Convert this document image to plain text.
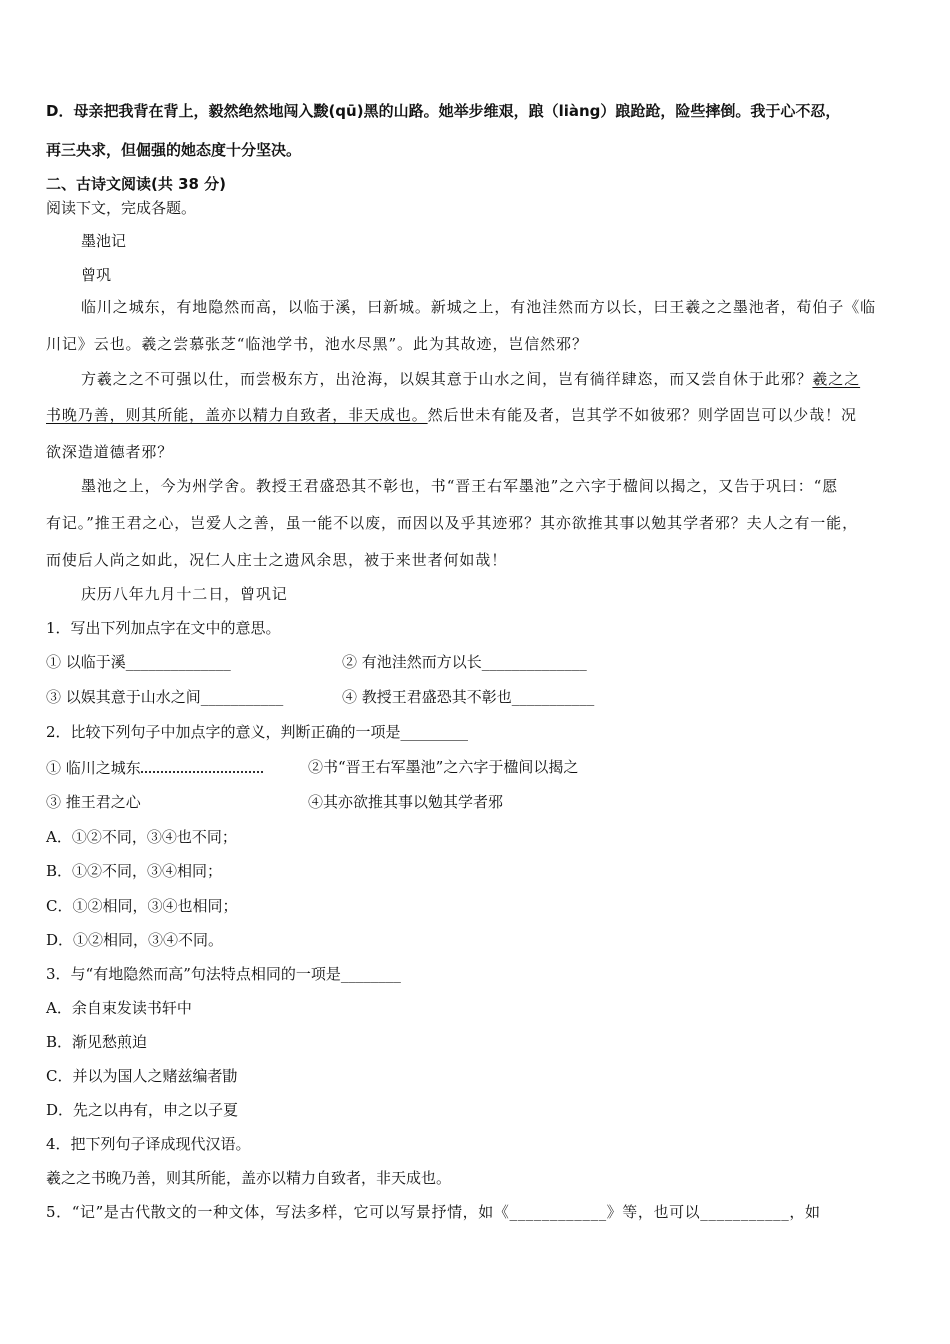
D．母亲把我背在背上，毅然绝然地闯入黢(qū)黑的山路。她举步维艰，踉（liàng）踉跄跄，险些摔倒。我于心不忍，
再三央求，但倔强的她态度十分坚决。
二、古诗文阅读(共 38 分)
阅读下文，完成各题。
墨池记
曾巩
临川之城东，有地隐然而高，以临于溪，曰新城。新城之上，有池洼然而方以长，曰王羲之之墨池者，荀伯子《临
川记》云也。羲之尝慕张芝“临池学书，池水尽黑”。此为其故迹，岂信然邪？
方羲之之不可强以仕，而尝极东方，出沧海，以娱其意于山水之间，岂有徜徉肆恣，而又尝自休于此邪？羲之之
书晚乃善，则其所能，盖亦以精力自致者，非天成也。然后世未有能及者，岂其学不如彼邪？则学固岂可以少哉！况
欲深造道德者邪？
墨池之上，今为州学舍。教授王君盛恐其不彰也，书“晋王右军墨池”之六字于楹间以揭之，又告于巩曰：“愿
有记。”推王君之心，岂爱人之善，虽一能不以废，而因以及乎其迹邪？其亦欲推其事以勉其学者邪？夫人之有一能，
而使后人尚之如此，况仁人庄士之遗风余思，被于来世者何如哉！
庆历八年九月十二日，曾巩记
1．写出下列加点字在文中的意思。
① 以临于溪______________	② 有池洼然而方以长______________
③ 以娱其意于山水之间___________	④ 教授王君盛恐其不彰也___________
2．比较下列句子中加点字的意义，判断正确的一项是_________
① 临川之城东	②书“晋王右军墨池”之六字于楹间以揭之
③ 推王君之心	④其亦欲推其事以勉其学者邪
A．①②不同，③④也不同；
B．①②不同，③④相同；
C．①②相同，③④也相同；
D．①②相同，③④不同。
3．与“有地隐然而高”句法特点相同的一项是________
A．余自束发读书轩中
B．渐见愁煎迫
C．并以为国人之赌兹编者勖
D．先之以冉有，申之以子夏
4．把下列句子译成现代汉语。
羲之之书晚乃善，则其所能，盖亦以精力自致者，非天成也。
5．“记”是古代散文的一种文体，写法多样，它可以写景抒情，如《____________》等，也可以___________，如
